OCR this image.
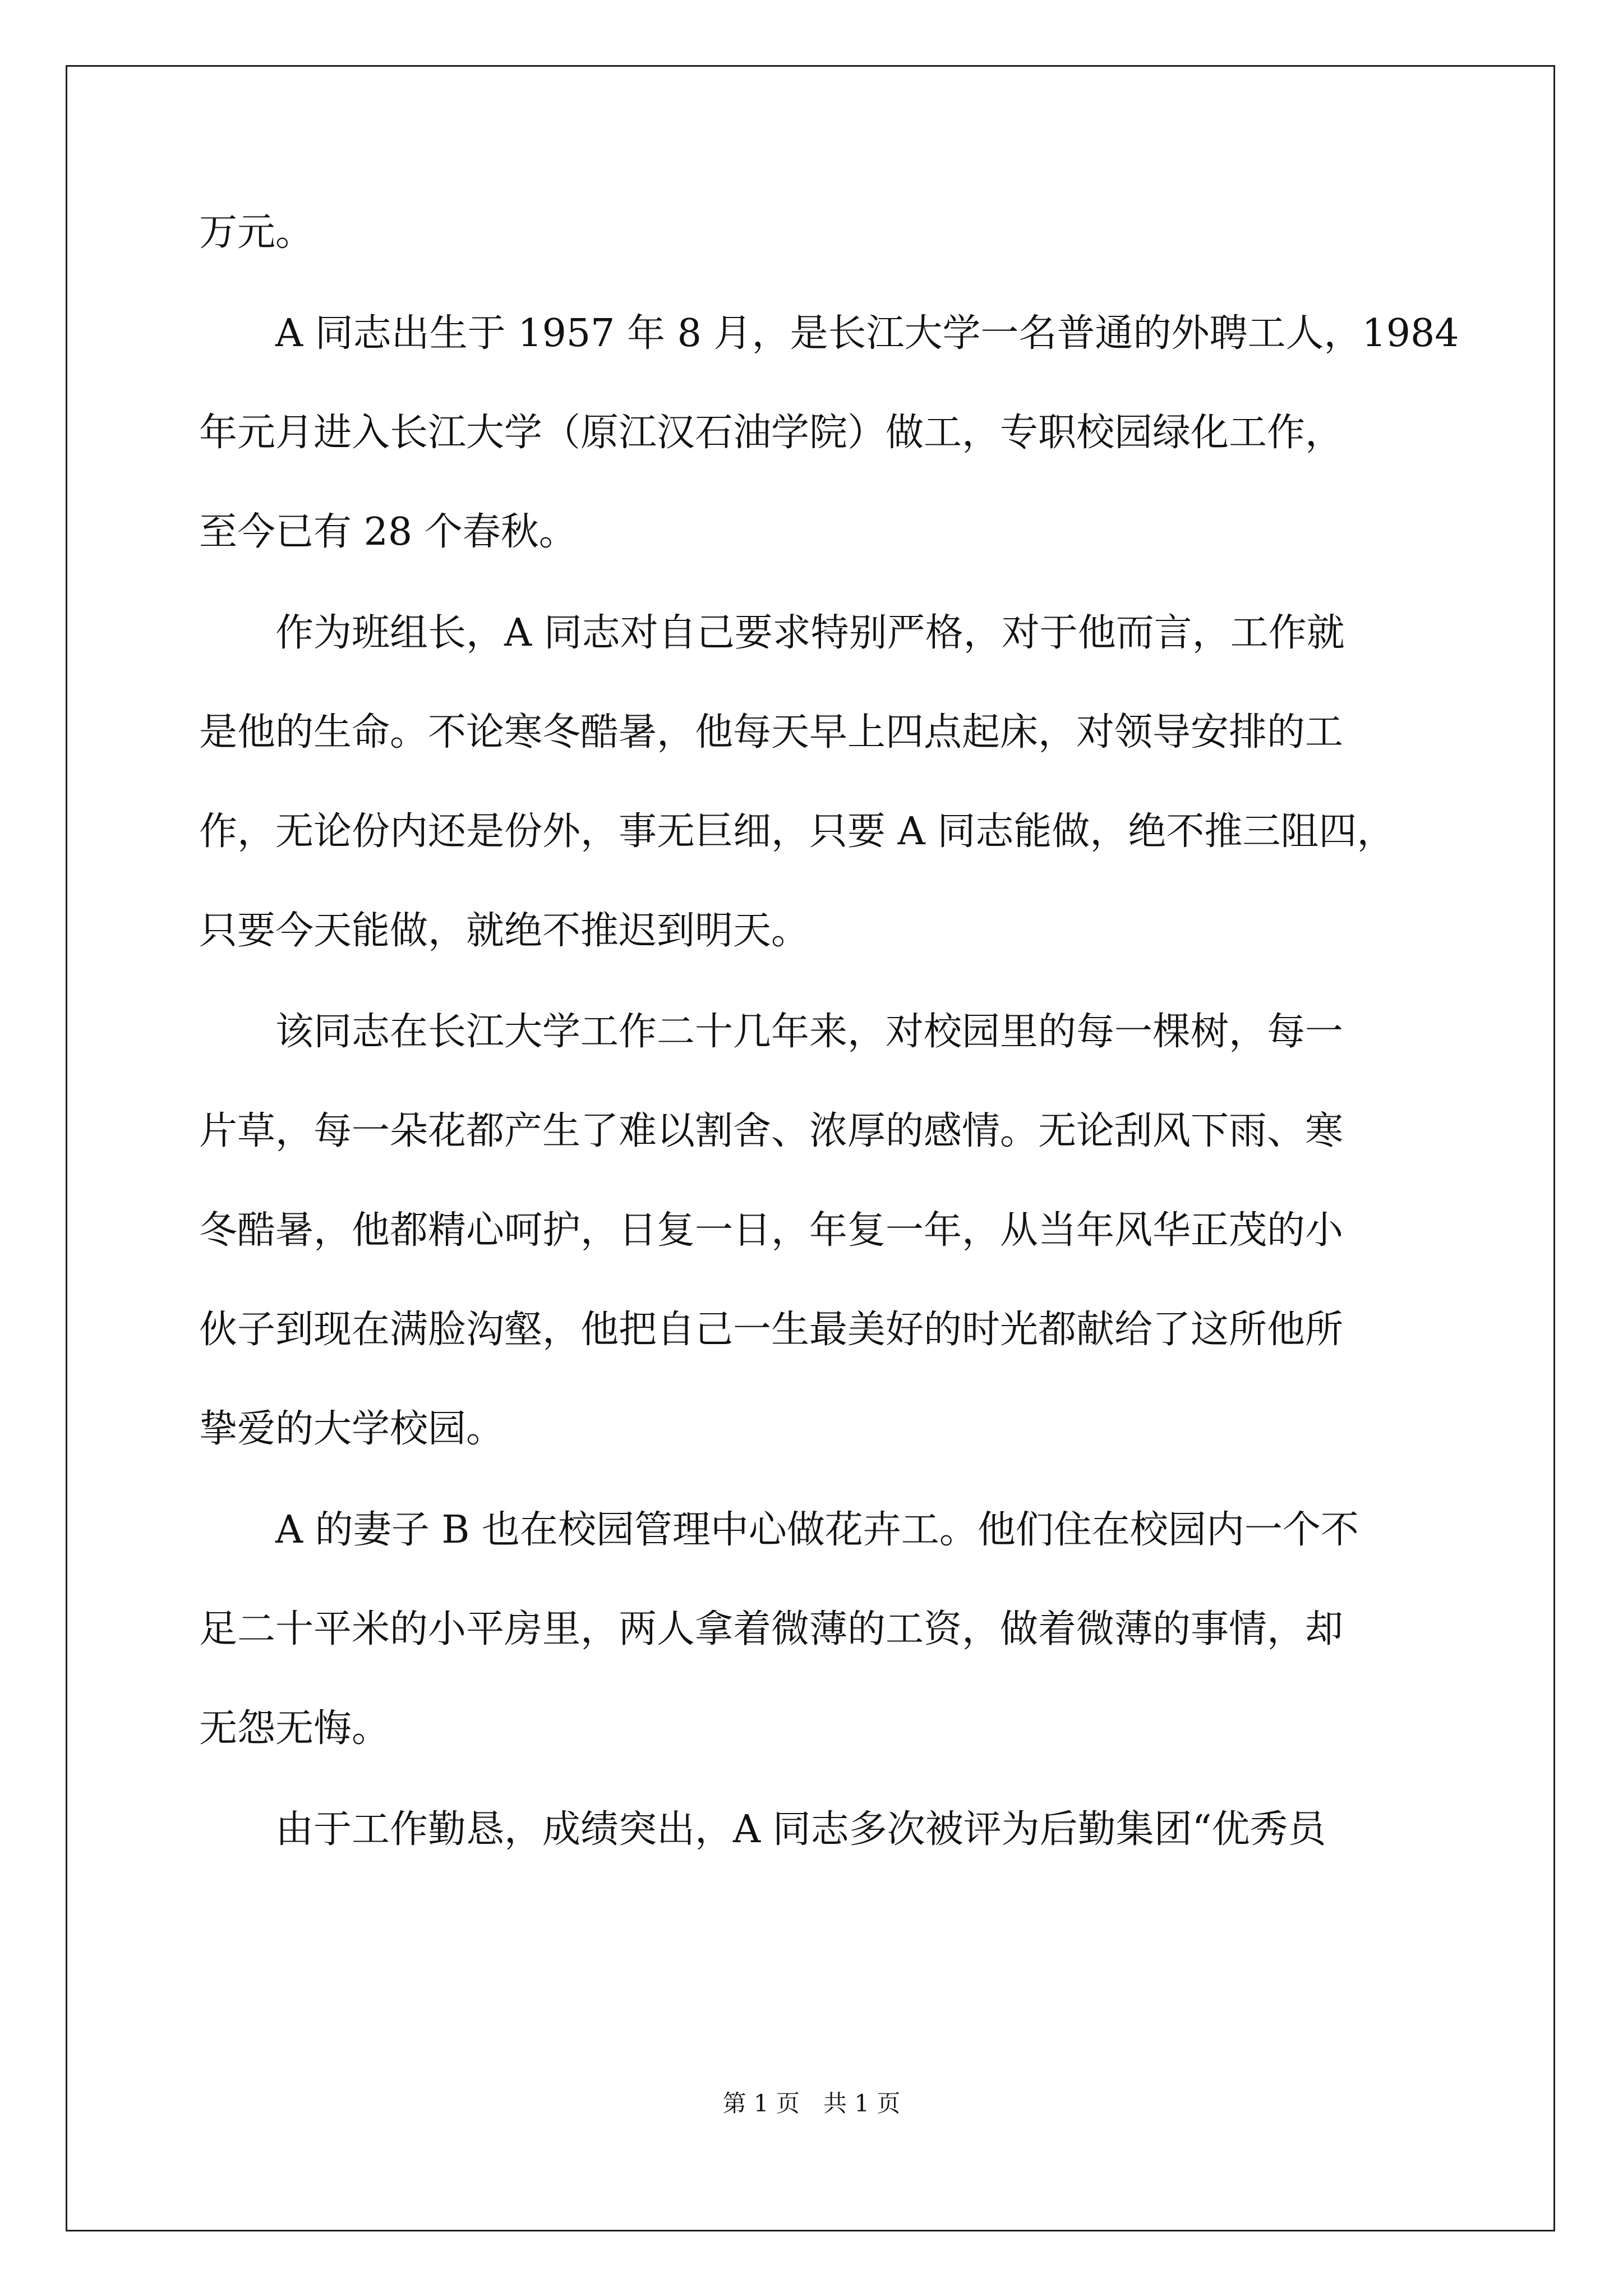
万元。
　　A 同志出生于 1957 年 8 月，是长江大学一名普通的外聘工人，1984
年元月进入长江大学（原江汉石油学院）做工，专职校园绿化工作，
至今已有 28 个春秋。
　　作为班组长，A 同志对自己要求特别严格，对于他而言，工作就
是他的生命。不论寒冬酷暑，他每天早上四点起床，对领导安排的工
作，无论份内还是份外，事无巨细，只要 A 同志能做，绝不推三阻四，
只要今天能做，就绝不推迟到明天。
　　该同志在长江大学工作二十几年来，对校园里的每一棵树，每一
片草，每一朵花都产生了难以割舍、浓厚的感情。无论刮风下雨、寒
冬酷暑，他都精心呵护，日复一日，年复一年，从当年风华正茂的小
伙子到现在满脸沟壑，他把自己一生最美好的时光都献给了这所他所
挚爱的大学校园。
　　A 的妻子 B 也在校园管理中心做花卉工。他们住在校园内一个不
足二十平米的小平房里，两人拿着微薄的工资，做着微薄的事情，却
无怨无悔。
　　由于工作勤恳，成绩突出，A 同志多次被评为后勤集团“优秀员
第 1 页　共 1 页
